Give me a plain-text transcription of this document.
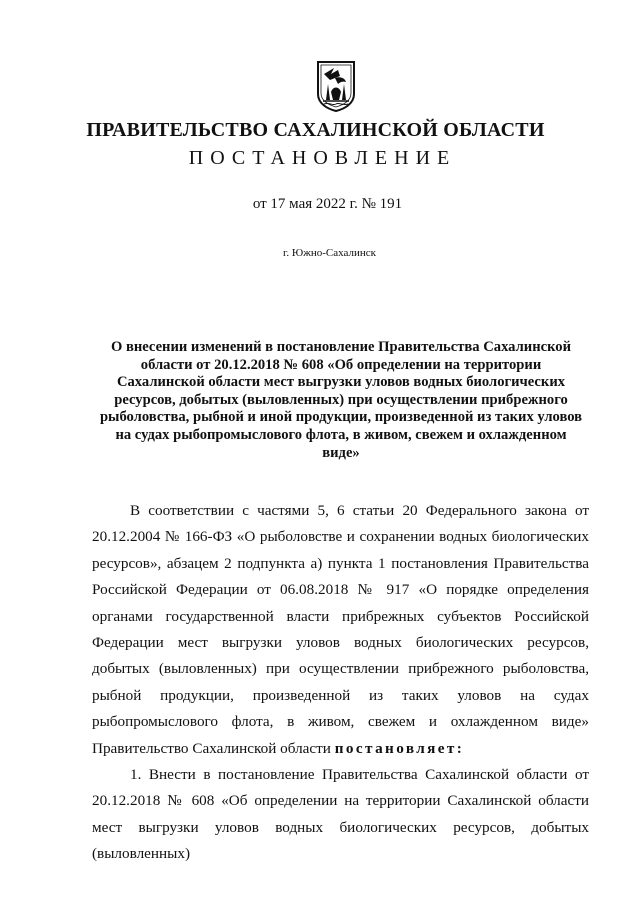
ПРАВИТЕЛЬСТВО САХАЛИНСКОЙ ОБЛАСТИ
ПОСТАНОВЛЕНИЕ
от 17 мая 2022 г. № 191
г. Южно-Сахалинск
О внесении изменений в постановление Правительства Сахалинской области от 20.12.2018 № 608 «Об определении на территории Сахалинской области мест выгрузки уловов водных биологических ресурсов, добытых (выловленных) при осуществлении прибрежного рыболовства, рыбной и иной продукции, произведенной из таких уловов на судах рыбопромыслового флота, в живом, свежем и охлажденном виде»

В соответствии с частями 5, 6 статьи 20 Федерального закона от 20.12.2004 № 166-ФЗ «О рыболовстве и сохранении водных биологических ресурсов», абзацем 2 подпункта а) пункта 1 постановления Правительства Российской Федерации от 06.08.2018 № 917 «О порядке определения органами государственной власти прибрежных субъектов Российской Федерации мест выгрузки уловов водных биологических ресурсов, добытых (выловленных) при осуществлении прибрежного рыболовства, рыбной продукции, произведенной из таких уловов на судах рыбопромыслового флота, в живом, свежем и охлажденном виде» Правительство Сахалинской области постановляет:

1. Внести в постановление Правительства Сахалинской области от 20.12.2018 № 608 «Об определении на территории Сахалинской области мест выгрузки уловов водных биологических ресурсов, добытых (выловленных)
